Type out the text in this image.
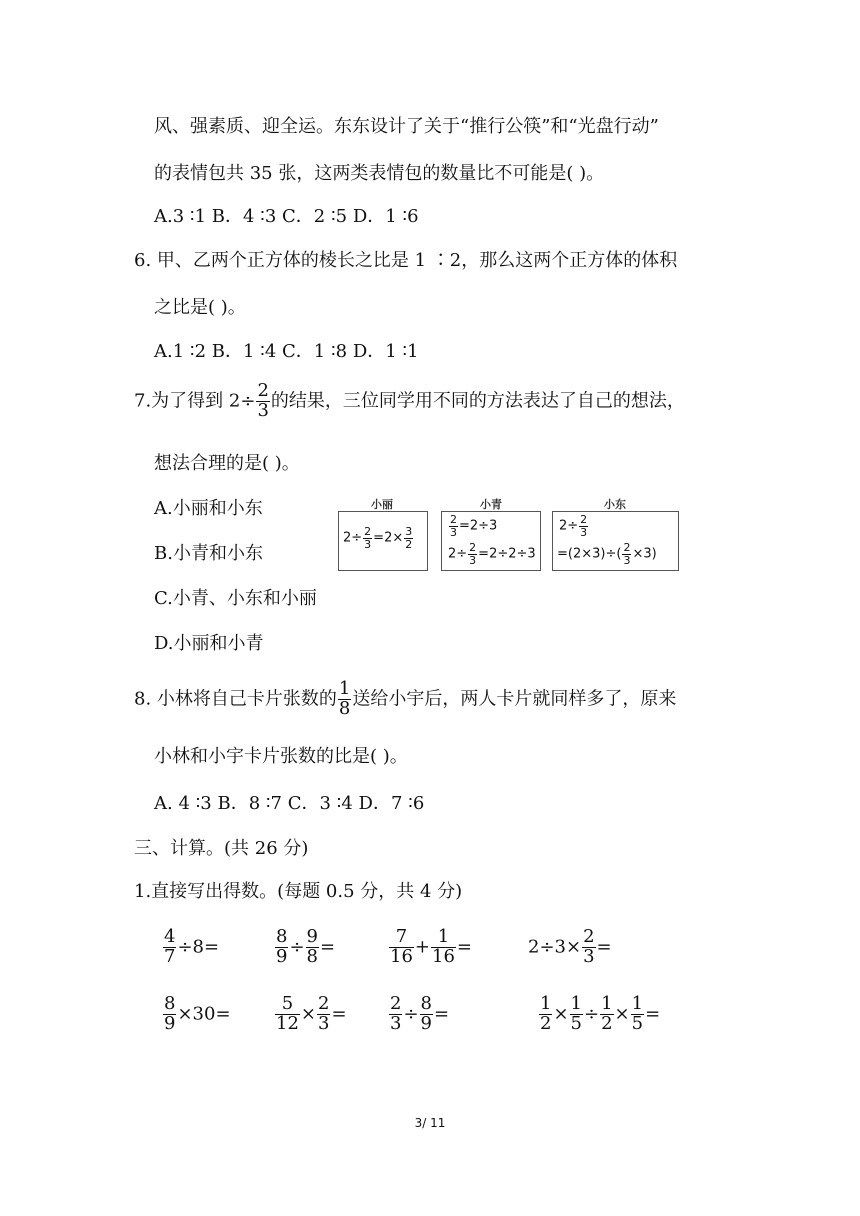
风、强素质、迎全运。东东设计了关于“推行公筷”和“光盘行动”
的表情包共 35 张，这两类表情包的数量比不可能是( )。
A.3 ∶1 B．4 ∶3 C．2 ∶5 D．1 ∶6
6. 甲、乙两个正方体的棱长之比是 1 ∶2，那么这两个正方体的体积
之比是( )。
A.1 ∶2 B．1 ∶4 C．1 ∶8 D．1 ∶1
7.为了得到 $2\div \frac{2}{3}$ 的结果，三位同学用不同的方法表达了自己的想法，
想法合理的是( )。
A.小丽和小东
B.小青和小东
C.小青、小东和小丽
D.小丽和小青
小丽
$2\div \frac{2}{3} =2\times \frac{3}{2}$
小青
$\frac{2}{3} =2\div 3$
$2\div \frac{2}{3} =2\div 2\div 3$
小东
$2\div \frac{2}{3}$
$=(2\times 3)\div( \frac{2}{3} \times 3)$
8. 小林将自己卡片张数的 $\frac{1}{8}$ 送给小宇后，两人卡片就同样多了，原来
小林和小宇卡片张数的比是( )。
A. 4 ∶3 B．8 ∶7 C．3 ∶4 D．7 ∶6
三、计算。(共 26 分)
1.直接写出得数。(每题 0.5 分，共 4 分)
$\frac{4}{7} \div 8=$	$\frac{8}{9} \div \frac{9}{8}$ =	$\frac{7}{16} + \frac{1}{16}$ =	$2\div 3\times \frac{2}{3}$ =
$\frac{8}{9} \times 30= \frac{5}{12} \times \frac{2}{3} = \frac{2}{3} \div \frac{8}{9}$ =	$\frac{1}{2} \times \frac{1}{5} \div \frac{1}{2} \times \frac{1}{5}$ =
3/ 11
